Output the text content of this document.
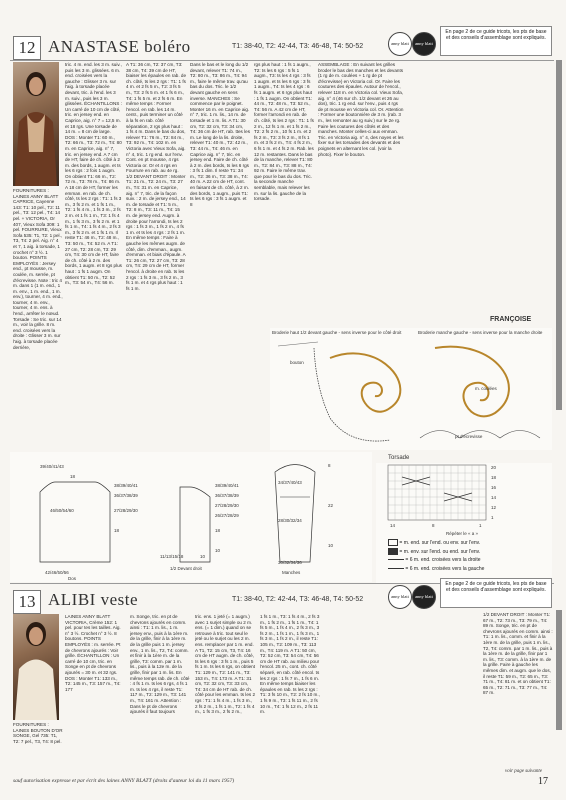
12 ANASTASE boléro	T1: 38-40, T2: 42-44, T3: 46-48, T4: 50-52	anny blatt anny blatt
En page 2 de ce guide tricots, les pts de base et des conseils d'assemblage sont expliqués.
FOURNITURES : LAINES ANNY BLATT CAPRICE, Cayenne 143: T1: 10 pel., T2: 11 pel., T3: 12 pel., T4: 14 pel. + VICTORIA, Or 407, Vieux Sofa 309: 1 pel. FOURRURE, Vieux Sofa 535: T1, T2: 1 pel., T3, T4: 2 pel. Aig. n° 4 et 7, 1 aig. à torsade, 1 crochet n° 3 ½. 1 bouton. POINTS EMPLOYÉS : Jersey end., pt mousse, m. coulée, m. serrée, pt d'écrevisse. Note : tric 4 m. dans 1 (1 m. end., 1 m. env., 1 m. end., 1 m. env.), tourner, 4 m. end., tourner, 4 m. env., tourner, 4 m. ens. à l'end., arrêter le nœud. Torsade : Se tric. sur 14 m., voir la grille. 8 m. end. croisées vers la droite : Glisser 3 m. sur l'aig. à torsade placée derrière,
tric. 4 m. end. les 3 m. suiv., puis les 3 m. glissées. 6 m. end. croisées vers la gauche : Glisser 3 m. sur l'aig. à torsade placée devant, tric. à l'end. les 3 m. suiv., puis les 3 m. glissées. ÉCHANTILLONS : Un carré de 10 cm de côté, tric. en jersey end. en Caprice, aig. n° 7 = 12,5 m. et 18 rgs. Une torsade de 14 m. = 8 cm de large. DOS : Monter T1: 60 m., T2: 66 m., T3: 72 m., T4: 80 m. en Caprice, aig. n° 7, tric. en jersey end. A 7 cm de HT, faire de ch. côté à 2 m. des bords, 1 augm. et ts les 6 rgs : 2 fois 1 augm. On obtient T1: 66 m., T2: 72 m., T3: 78 m., T4: 86 m. A 18 cm de HT, former les emman. en rab. de ch. côté, ts les 2 rgs : T1: 1 fs 3 m., 3 fs 2 m. et 1 fs 1 m., T2: 1 fs 4 m., 1 fs 3 m., 2 fs 2 m. et 1 fs 1 m., T3: 1 fs 4 m., 1 fs 3 m., 3 fs 2 m. et 1 fs 1 m., T4: 1 fs 4 m., 2 fs 3 m., 3 fs 2 m. et 1 fs 1 m. Il reste T1: 46 m., T2: 48 m., T3: 50 m., T4: 52 m. A T1: 27 cm, T2: 28 cm, T3: 29 cm, T4: 30 cm de HT, faire de ch. côté à 2 m. des bords, 1 augm. et 8 rgs plus haut : 1 fs 1 augm. On obtient T1: 50 m., T2: 52 m., T3: 54 m., T4: 56 m.
A T1: 36 cm, T2: 37 cm, T3: 38 cm, T4: 39 cm de HT, biaiser les épaules en rab. de ch. côté, ts les 2 rgs : T1: 1 fs 4 m. et 2 fs 5 m., T2: 3 fs 5 m., T3: 2 fs 5 m. et 1 fs 6 m., T4: 1 fs 5 m. et 2 fs 6 m. En même temps : Former l'encol. en rab. les 14 m. centr., puis terminer un côté à la fs en rab. côté séparation, 2 rgs plus haut : 1 fs 4 m. Dans le bas du dos, relever T1: 76 m., T2: 84 m., T3: 92 m., T4: 102 m. en Victoria avec Vieux Sofa, aig. n° 4, tric. 1 rg end. sur l'env. Cont. en pt mousse, 4 rgs Victoria or. Or et 4 rgs en Fourrure en rab. au 4e rg. 1/2 DEVANT DROIT : Monter T1: 21 m., T2: 24 m., T3: 27 m., T4: 31 m. en Caprice, aig. n° 7, tric. de la façon suiv. : 2 m. de jersey end., 14 m. de torsade et T1: 5 m., T2: 8 m., T3: 11 m., T4: 15 m. de jersey end. Augm. à droite pour l'arrondi, ts les 2 rgs : 1 fs 3 m., 1 fs 2 m., 4 fs 1 m. et ts les 4 rgs : 2 fs 1 m. En même temps : Faire à gauche les mêmes augm. de côté, dim. d'emman., augm. d'emman. et biais d'épaule. A T1: 26 cm, T2: 27 cm, T3: 28 cm, T4: 29 cm de HT, former l'encol. à droite en rab. ts les 2 rgs : 1 fs 3 m., 3 fs 2 m., 3 fs 1 m. et 4 rgs plus haut : 1 fs 1 m.
Dans le bas et le long du 1/2 devant, relever T1: 74 m., T2: 80 m., T3: 86 m., T4: 94 m., faire le même trav. qu'au bas du dos. Tric. le 1/2 devant gauche en sens inverse. MANCHES : Se commence par le poignet. Monter 16 m. en Caprice aig. n° 7, tric. 1 m. lis., 14 m. de torsade et 1 m. lis. A T1: 30 cm, T2: 32 cm, T3: 34 cm, T4: 36 cm de HT, rab. ttes les m. Le long de la lis. droite, relever T1: 40 m., T2: 42 m., T3: 44 m., T4: 46 m. en Caprice aig. n° 7, tric. en jersey end. Faire de ch. côté à 2 m. des bords, ts les 6 rgs : 3 fs 1 dim. Il reste T1: 34 m., T2: 36 m., T3: 38 m., T4: 40 m. A 22 cm de HT, cont. en faisant de ch. côté, à 2 m. des bords, 1 augm., puis T1: ts les 6 rgs : 3 fs 1 augm. et 8
rgs plus haut : 1 fs 1 augm., T2: ts les 6 rgs : 5 fs 1 augm., T3: ts les 4 rgs : 3 fs 1 augm. et ts les 6 rgs : 3 fs 1 augm., T4: ts les 4 rgs : 6 fs 1 augm. et 6 rgs plus haut : 1 fs 1 augm. On obtient T1: 44 m., T2: 48 m., T3: 52 m., T4: 56 m. A 42 cm de HT, former l'arrondi en rab. de ch. côté, ts les 2 rgs : T1: 1 fs 2 m., 12 fs 1 m. et 1 fs 2 m., T2: 2 fs 2 m., 10 fs 1 m. et 2 fs 2 m., T3: 3 fs 2 m., 8 fs 1 m. et 3 fs 2 m., T4: 4 fs 2 m., 6 fs 1 m. et 4 fs 2 m. Rab. les 12 m. restantes. Dans le bas de la manche, relever T1: 80 m., T2: 84 m., T3: 88 m., T4: 92 m. Faire le même trav. que pour le bas du dos. Tric. la seconde manche semblable, mais relever les m. sur la lis. gauche de la torsade.
ASSEMBLAGE : En suivant les grilles broder le bas des manches et les devants (1 rg de m. coulées + 1 rg de pt d'écrevisse) en Victoria col. Or. Faire les coutures des épaules. Autour de l'encol., relever 118 m. en Victoria col. Vieux Sofa, aig. n° 4 (46 sur ch. 1/2 devant et 26 au dos), tric. 1 rg end. sur l'env., puis 4 rgs de pt mousse en Victoria col. Or. Attention : Former une boutonnière de 3 m. (rab. 3 m., les remonter au rg suiv.) sur le 2e rg. Faire les coutures des côtés et des manches. Monter celles-ci aux emman. Tric. en Victoria aig. n° 4, des noyes et les fixer sur les torsades des devants et des poignets en alternant les col. (voir la photo). Fixer le bouton.
FRANÇOISE
Broderie haut 1/2 devant gauche - sens inverse pour le côté droit	Broderie manche gauche - sens inverse pour la manche droite
bouton
m. coulées
pt d'écrevisse
39/40/41/43
18
46/50/54/60
42/46/50/56
Dos
38/39/40/41
36/37/38/39
27/28/29/30
18
11/13/15/18	10
1/2 Devant droit
38/39/40/41
36/37/38/39
27/28/29/30
26/27/28/29
18
10
34/37/40/43
28/30/32/34
30/32/34/36
8
22
10
Manches
Torsade
20
18
16
14
12
1
14	8	1
Répéter le « a »
= m. end. sur l'end. ou env. sur l'env.
= m. env. sur l'end. ou end. sur l'env.
= 6 m. end. croisées vers la droite
= 6 m. end. croisées vers la gauche
13 ALIBI veste	T1: 38-40, T2: 42-44, T3: 46-48, T4: 50-52	anny blatt anny blatt
En page 2 de ce guide tricots, les pts de base et des conseils d'assemblage sont expliqués.
FOURNITURES : LAINES BOUTON D'OR SONGE, Gel 735: T1, T2: 7 pel., T3, T4: 8 pel.
LAINES ANNY BLATT VICTORIA, Crème 152: 1 pel. pour tes les tailles. Aig. n° 3 ½. Crochet n° 3 ½. 8 boutons. POINTS EMPLOYÉS : m. serrée. Pt de chevrons ajourés : Voir grille. ÉCHANTILLON : Un carré de 10 cm, tric. en Songe en pt de chevrons ajourés = 30 m. et 32 rgs. DOS : Monter T1: 133 m., T2: 145 m., T3: 157 m., T4: 177
m. Songe, tric. en pt de chevrons ajourés en comm. ainsi : T1: 1 m. lis., 1 m. jersey env., puis à la 1ère m. de la grille, finir à la 1ère m. de la grille puis 1 m. jersey env., 1 m. lis., T2, T4: comm. et finir à la 1ère m. de la grille, T3: comm. par 1 m. lis., puis à la 12e m. de la grille, finir par 1 m. lis. En même temps rab. de ch. côté : 4 fs 1 m. ts les 6 rgs, 4 fs 1 m. ts les 4 rgs, il reste T1: 117 m., T2: 129 m., T3: 141 m., T4: 161 m. Attention : Dans le pt de chevrons ajourés il faut toujours
tric. ens. 1 jeté (= 1 augm.) avec 1 surjet simple ou 2 m. ens. (= 1 dim.) quand on se retrouve à tric. tout seul le jeté ou le surjet ou les 2 m. ens. remplacer par 1 m. end. A T1, T2: 15 cm, T3, T4: 16 cm de HT augm. de ch. côté, ts les 6 rgs : 3 fs 1 m., puis 5 fs 1 m. ts les 6 rgs, on obtient T1: 129 m., T2: 141 m., T3: 153 m., T4: 173 m. A T1: 31 cm, T2: 32 cm, T3: 33 cm, T4: 34 cm de HT rab. de ch. côté pour les emman. ts les 2 rgs : T1: 1 fs 4 m., 1 fs 3 m., 2 fs 2 m., 1 fs 1 m., T2: 1 fs 4 m., 1 fs 3 m., 2 fs 2 m.,
1 fs 1 m., T3: 1 fs 4 m., 2 fs 3 m., 1 fs 2 m., 1 fs 1 m., T4: 1 fs 5 m., 1 fs 4 m., 2 fs 3 m., 3 fs 2 m., 1 fs 1 m., 1 fs 3 m., 1 fs 3 m., 1 fs 2 m., il reste T1: 105 m., T2: 109 m., T3: 113 m., T4: 119 m. A T1: 50 cm, T2: 52 cm, T3: 54 cm, T4: 56 cm de HT rab. au milieu pour l'encol. 25 m., cont. ch. côté séparé, en rab. côté encol. ts les 2 rgs : 1 fs 7 m., 1 fs 6 m. En même temps biaiser les épaules en rab. ts les 2 rgs : T1: 3 fs 10 m., T2: 2 fs 10 m., 1 fs 9 m., T3: 1 fs 11 m., 2 fs 10 m., T4: 1 fs 12 m., 2 fs 11 m.
1/2 DEVANT DROIT : Monter T1: 67 m., T2: 73 m., T3: 79 m., T4: 89 m. Songe, tric. en pt de chevrons ajourés en comm. ainsi : T1: 1 m. lis., comm. et finir à la 1ère m. de la grille, puis 1 m. lis., T2, T4: comm. par 1 m. lis., puis à la 1ère m. de la grille, finir par 1 m. lis., T3: comm. à la 1ère m. de la grille. Faire à gauche les mêmes dim. et augm. que le dos, il reste T1: 59 m., T2: 65 m., T3: 71 m., T4: 81 m. et on obtient T1: 65 m., T2: 71 m., T3: 77 m., T4: 87 m.
sauf autorisation expresse et par écrit des laines ANNY BLATT (droits d'auteur loi du 11 mars 1957)
voir page suivante
17
